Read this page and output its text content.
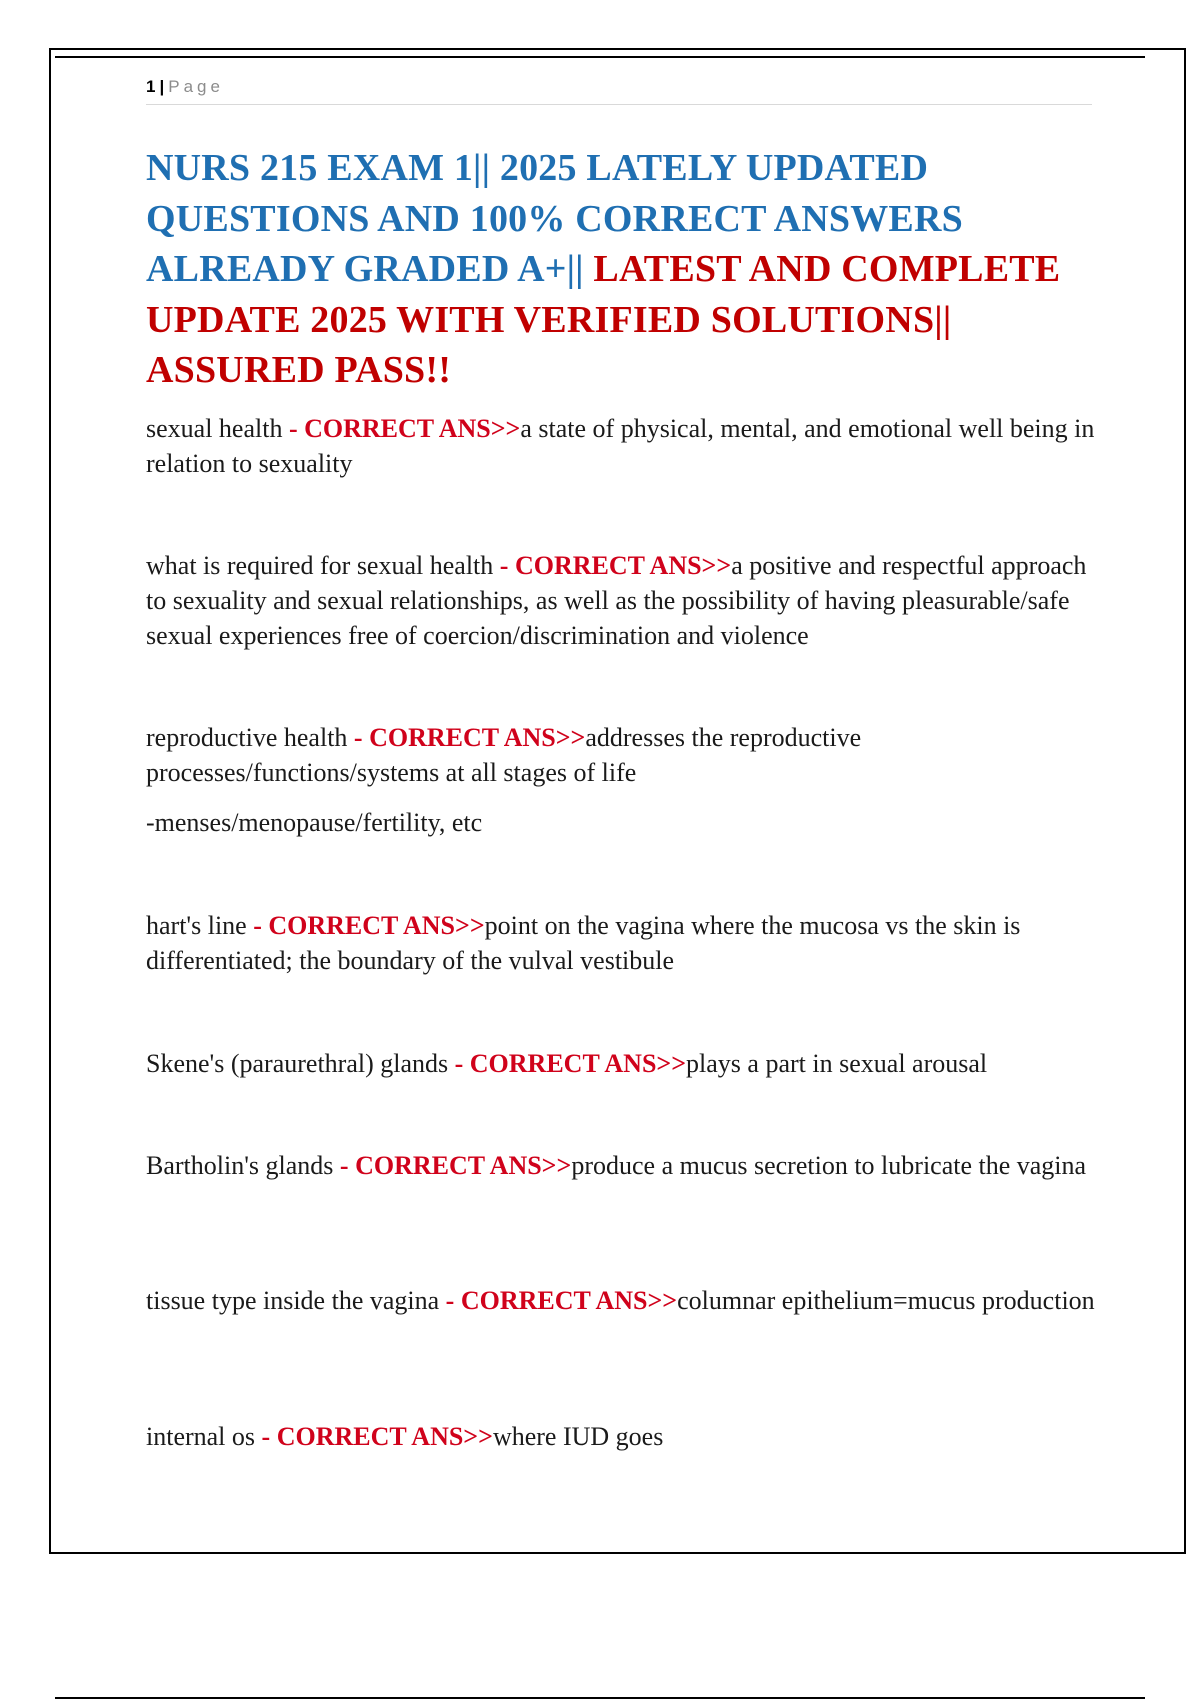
1 | Page
NURS 215 EXAM 1|| 2025 LATELY UPDATED QUESTIONS AND 100% CORRECT ANSWERS ALREADY GRADED A+|| LATEST AND COMPLETE UPDATE 2025 WITH VERIFIED SOLUTIONS|| ASSURED PASS!!

sexual health - CORRECT ANS>>a state of physical, mental, and emotional well being in relation to sexuality

what is required for sexual health - CORRECT ANS>>a positive and respectful approach to sexuality and sexual relationships, as well as the possibility of having pleasurable/safe sexual experiences free of coercion/discrimination and violence

reproductive health - CORRECT ANS>>addresses the reproductive processes/functions/systems at all stages of life

-menses/menopause/fertility, etc

hart's line - CORRECT ANS>>point on the vagina where the mucosa vs the skin is differentiated; the boundary of the vulval vestibule

Skene's (paraurethral) glands - CORRECT ANS>>plays a part in sexual arousal

Bartholin's glands - CORRECT ANS>>produce a mucus secretion to lubricate the vagina

tissue type inside the vagina - CORRECT ANS>>columnar epithelium=mucus production

internal os - CORRECT ANS>>where IUD goes
